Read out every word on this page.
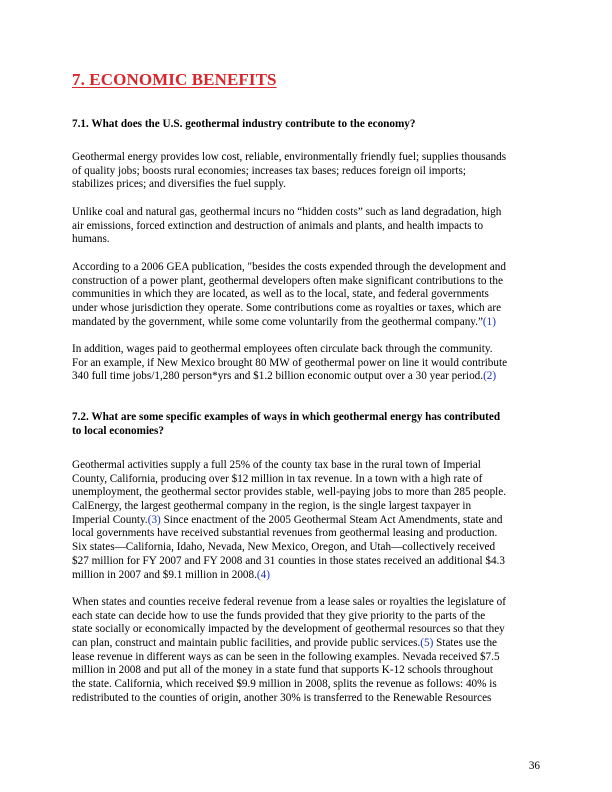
7. ECONOMIC BENEFITS
7.1. What does the U.S. geothermal industry contribute to the economy?
Geothermal energy provides low cost, reliable, environmentally friendly fuel; supplies thousands
of quality jobs; boosts rural economies; increases tax bases; reduces foreign oil imports;
stabilizes prices; and diversifies the fuel supply.
Unlike coal and natural gas, geothermal incurs no “hidden costs” such as land degradation, high
air emissions, forced extinction and destruction of animals and plants, and health impacts to
humans.
According to a 2006 GEA publication, "besides the costs expended through the development and
construction of a power plant, geothermal developers often make significant contributions to the
communities in which they are located, as well as to the local, state, and federal governments
under whose jurisdiction they operate. Some contributions come as royalties or taxes, which are
mandated by the government, while some come voluntarily from the geothermal company.”(1)
In addition, wages paid to geothermal employees often circulate back through the community.
For an example, if New Mexico brought 80 MW of geothermal power on line it would contribute
340 full time jobs/1,280 person*yrs and $1.2 billion economic output over a 30 year period.(2)
7.2. What are some specific examples of ways in which geothermal energy has contributed
to local economies?
Geothermal activities supply a full 25% of the county tax base in the rural town of Imperial
County, California, producing over $12 million in tax revenue. In a town with a high rate of
unemployment, the geothermal sector provides stable, well-paying jobs to more than 285 people.
CalEnergy, the largest geothermal company in the region, is the single largest taxpayer in
Imperial County.(3) Since enactment of the 2005 Geothermal Steam Act Amendments, state and
local governments have received substantial revenues from geothermal leasing and production.
Six states—California, Idaho, Nevada, New Mexico, Oregon, and Utah—collectively received
$27 million for FY 2007 and FY 2008 and 31 counties in those states received an additional $4.3
million in 2007 and $9.1 million in 2008.(4)
When states and counties receive federal revenue from a lease sales or royalties the legislature of
each state can decide how to use the funds provided that they give priority to the parts of the
state socially or economically impacted by the development of geothermal resources so that they
can plan, construct and maintain public facilities, and provide public services.(5) States use the
lease revenue in different ways as can be seen in the following examples. Nevada received $7.5
million in 2008 and put all of the money in a state fund that supports K-12 schools throughout
the state. California, which received $9.9 million in 2008, splits the revenue as follows: 40% is
redistributed to the counties of origin, another 30% is transferred to the Renewable Resources
36
